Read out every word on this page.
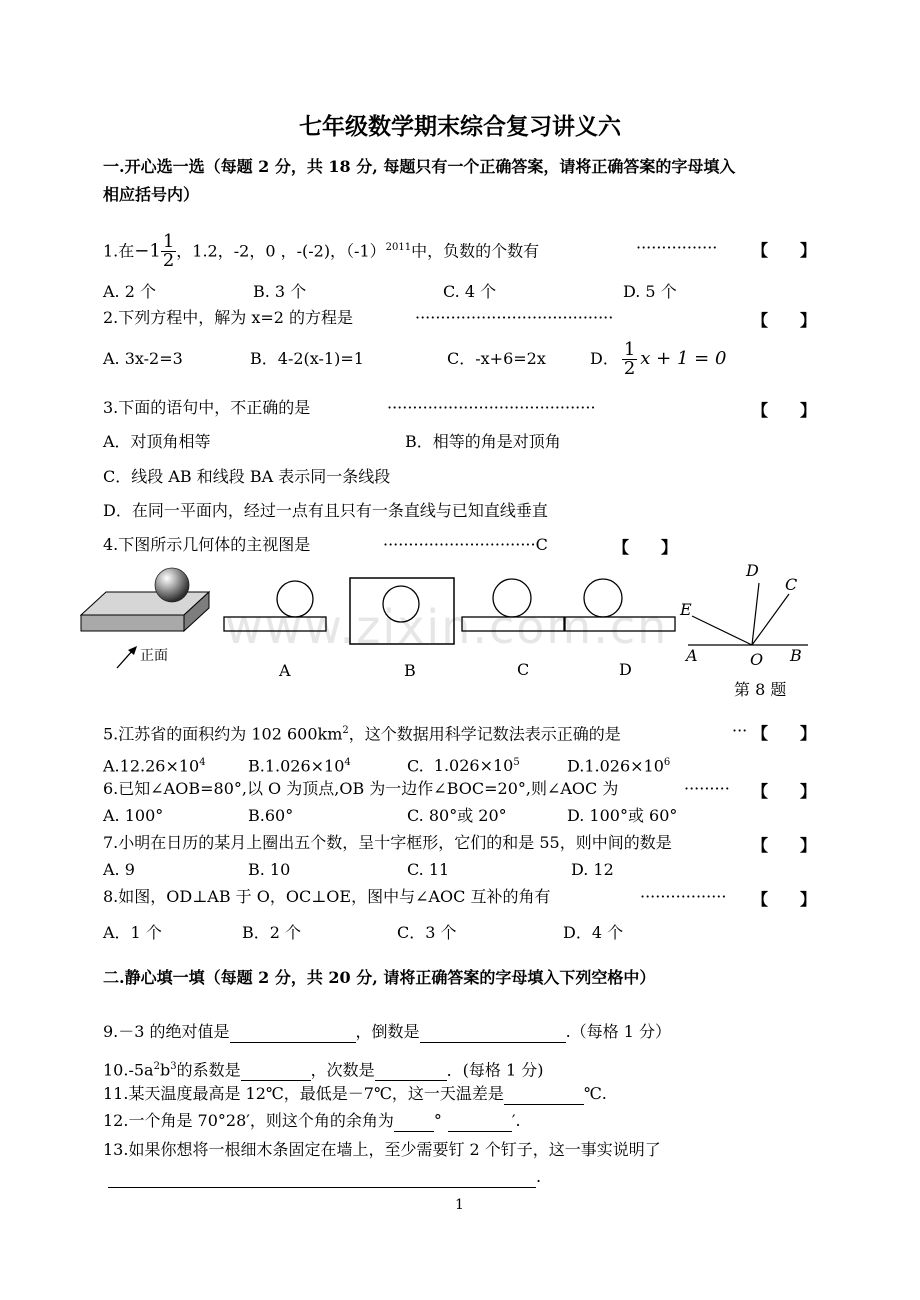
七年级数学期末综合复习讲义六
一.开心选一选（每题 2 分，共 18 分, 每题只有一个正确答案，请将正确答案的字母填入
相应括号内）
1.在$-1 \frac{1}{2}$ ，1.2，-2，0 ，-(-2)，$(-1)^{2011}$中，负数的个数有	················ 【　　】
A. 2 个	B. 3 个	C. 4 个	D. 5 个
2.下列方程中，解为 x=2 的方程是	·······································	【　　】
A. 3x-2=3	B．4-2(x-1)=1	C．-x+6=2x	D． $\frac{1}{2}$ x + 1 = 0
3.下面的语句中，不正确的是	·········································	【　　】
A．对顶角相等	B．相等的角是对顶角
C．线段 AB 和线段 BA 表示同一条线段
D．在同一平面内，经过一点有且只有一条直线与已知直线垂直
4.下图所示几何体的主视图是	······························C	【　　】
www.zixin.com.cn
正面
A	B	C	D
D
C
E
A	O B
第 8 题
5.江苏省的面积约为 102 $600km^2$，这个数据用科学记数法表示正确的是	··· 【　　】
$A.12.26\times 10^4$	$B.1.026\times 10^4$	C. $1.026\times 10^5$	$D.1.026\times 10^6$
6.已知∠AOB=80°,以 O 为顶点,OB 为一边作∠BOC=20°,则∠AOC 为	········· 【　　】
A. 100°	B.60°	C. 80°或 20°	D. 100°或 60°
7.小明在日历的某月上圈出五个数，呈十字框形，它们的和是 55，则中间的数是	【　　】
A. 9	B. 10	C. 11	D. 12
8.如图，OD⊥AB 于 O，OC⊥OE，图中与∠AOC 互补的角有	················· 【　　】
A．1 个	B．2 个	C．3 个	D．4 个
二.静心填一填（每题 2 分，共 20 分, 请将正确答案的字母填入下列空格中）
9.－3 的绝对值是	，倒数是	.（每格 1 分）
$10.-5a^2b^3$的系数是	，次数是	．(每格 1 分)
11.某天温度最高是 12℃，最低是－7℃，这一天温差是	℃.
12.一个角是 70°28′，则这个角的余角为	°	′.
13.如果你想将一根细木条固定在墙上，至少需要钉 2 个钉子，这一事实说明了
.
1
